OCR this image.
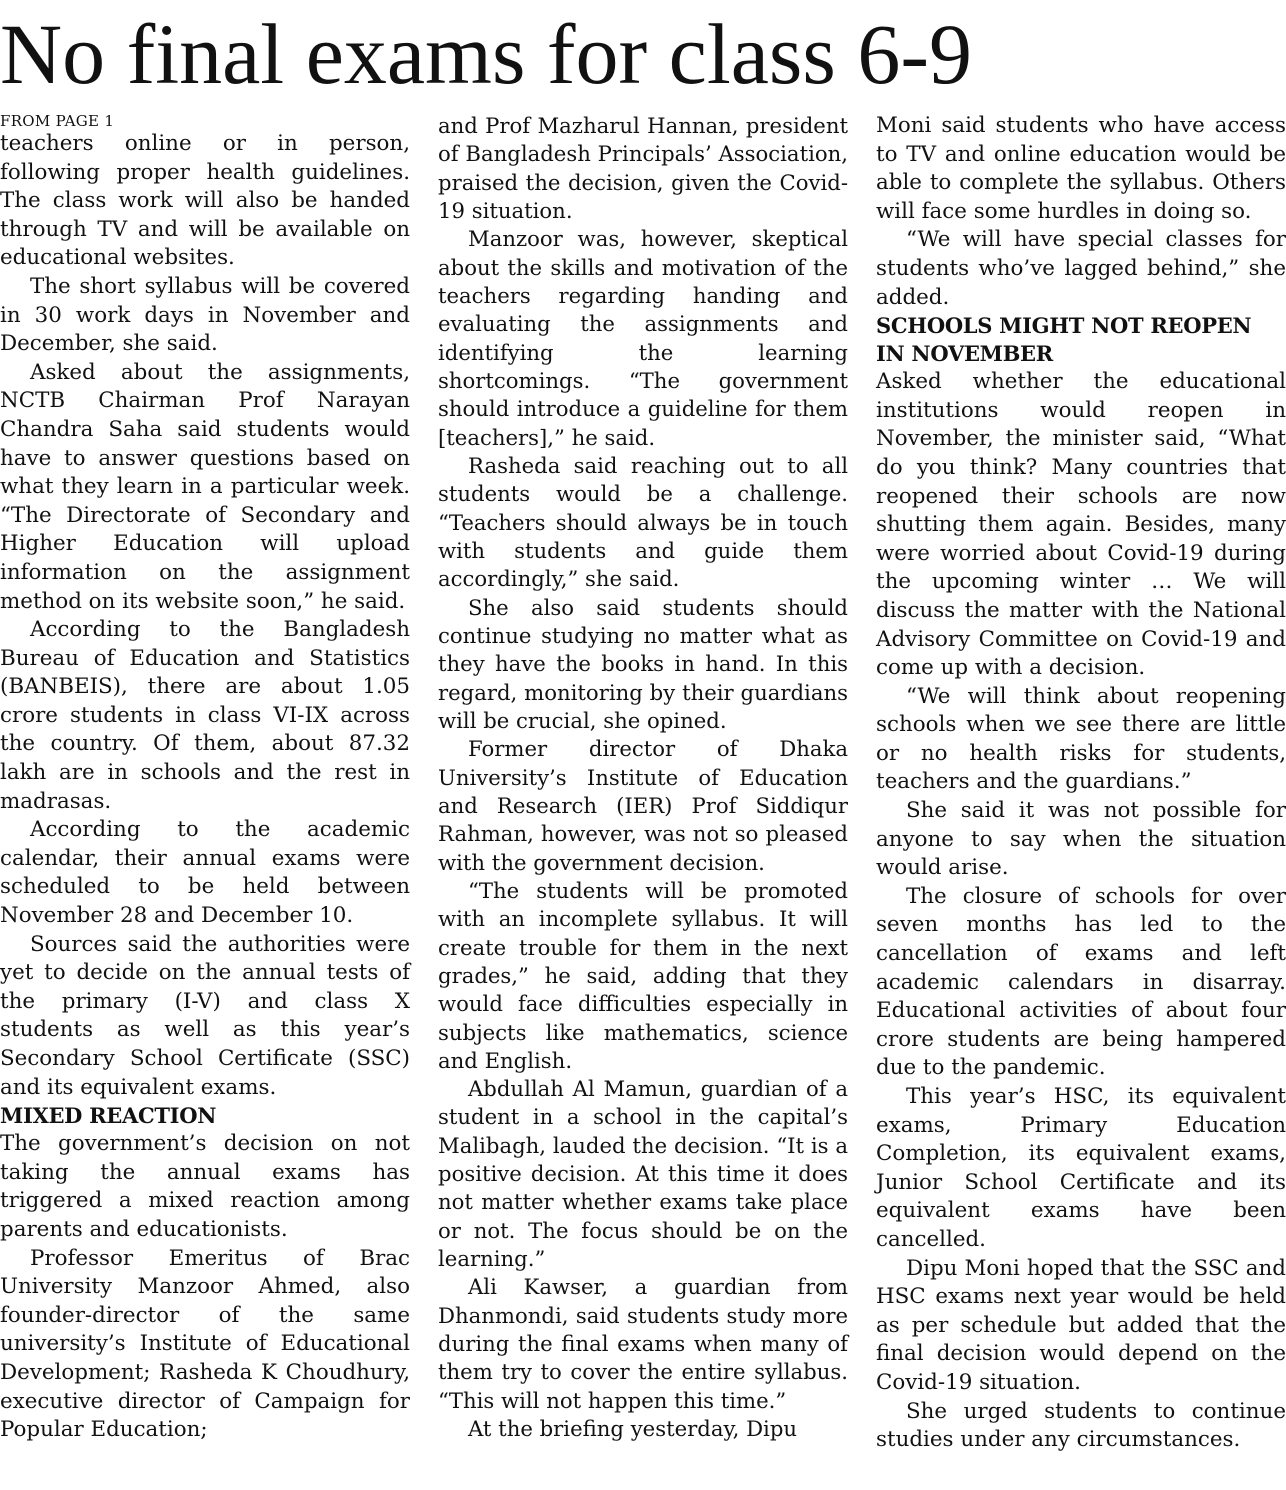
No final exams for class 6-9

FROM PAGE 1

teachers online or in person, following proper health guidelines. The class work will also be handed through TV and will be available on educational websites.

The short syllabus will be covered in 30 work days in November and December, she said.

Asked about the assignments, NCTB Chairman Prof Narayan Chandra Saha said students would have to answer questions based on what they learn in a particular week. “The Directorate of Secondary and Higher Education will upload information on the assignment method on its website soon,” he said.

According to the Bangladesh Bureau of Education and Statistics (BANBEIS), there are about 1.05 crore students in class VI-IX across the country. Of them, about 87.32 lakh are in schools and the rest in madrasas.

According to the academic calendar, their annual exams were scheduled to be held between November 28 and December 10.

Sources said the authorities were yet to decide on the annual tests of the primary (I-V) and class X students as well as this year’s Secondary School Certificate (SSC) and its equivalent exams.

MIXED REACTION

The government’s decision on not taking the annual exams has triggered a mixed reaction among parents and educationists.

Professor Emeritus of Brac University Manzoor Ahmed, also founder-director of the same university’s Institute of Educational Development; Rasheda K Choudhury, executive director of Campaign for Popular Education;

and Prof Mazharul Hannan, president of Bangladesh Principals’ Association, praised the decision, given the Covid-19 situation.

Manzoor was, however, skeptical about the skills and motivation of the teachers regarding handing and evaluating the assignments and identifying the learning shortcomings. “The government should introduce a guideline for them [teachers],” he said.

Rasheda said reaching out to all students would be a challenge. “Teachers should always be in touch with students and guide them accordingly,” she said.

She also said students should continue studying no matter what as they have the books in hand. In this regard, monitoring by their guardians will be crucial, she opined.

Former director of Dhaka University’s Institute of Education and Research (IER) Prof Siddiqur Rahman, however, was not so pleased with the government decision.

“The students will be promoted with an incomplete syllabus. It will create trouble for them in the next grades,” he said, adding that they would face difficulties especially in subjects like mathematics, science and English.

Abdullah Al Mamun, guardian of a student in a school in the capital’s Malibagh, lauded the decision. “It is a positive decision. At this time it does not matter whether exams take place or not. The focus should be on the learning.”

Ali Kawser, a guardian from Dhanmondi, said students study more during the final exams when many of them try to cover the entire syllabus. “This will not happen this time.”

At the briefing yesterday, Dipu

Moni said students who have access to TV and online education would be able to complete the syllabus. Others will face some hurdles in doing so.

“We will have special classes for students who’ve lagged behind,” she added.

SCHOOLS MIGHT NOT REOPEN IN NOVEMBER

Asked whether the educational institutions would reopen in November, the minister said, “What do you think? Many countries that reopened their schools are now shutting them again. Besides, many were worried about Covid-19 during the upcoming winter … We will discuss the matter with the National Advisory Committee on Covid-19 and come up with a decision.

“We will think about reopening schools when we see there are little or no health risks for students, teachers and the guardians.”

She said it was not possible for anyone to say when the situation would arise.

The closure of schools for over seven months has led to the cancellation of exams and left academic calendars in disarray. Educational activities of about four crore students are being hampered due to the pandemic.

This year’s HSC, its equivalent exams, Primary Education Completion, its equivalent exams, Junior School Certificate and its equivalent exams have been cancelled.

Dipu Moni hoped that the SSC and HSC exams next year would be held as per schedule but added that the final decision would depend on the Covid-19 situation.

She urged students to continue studies under any circumstances.
